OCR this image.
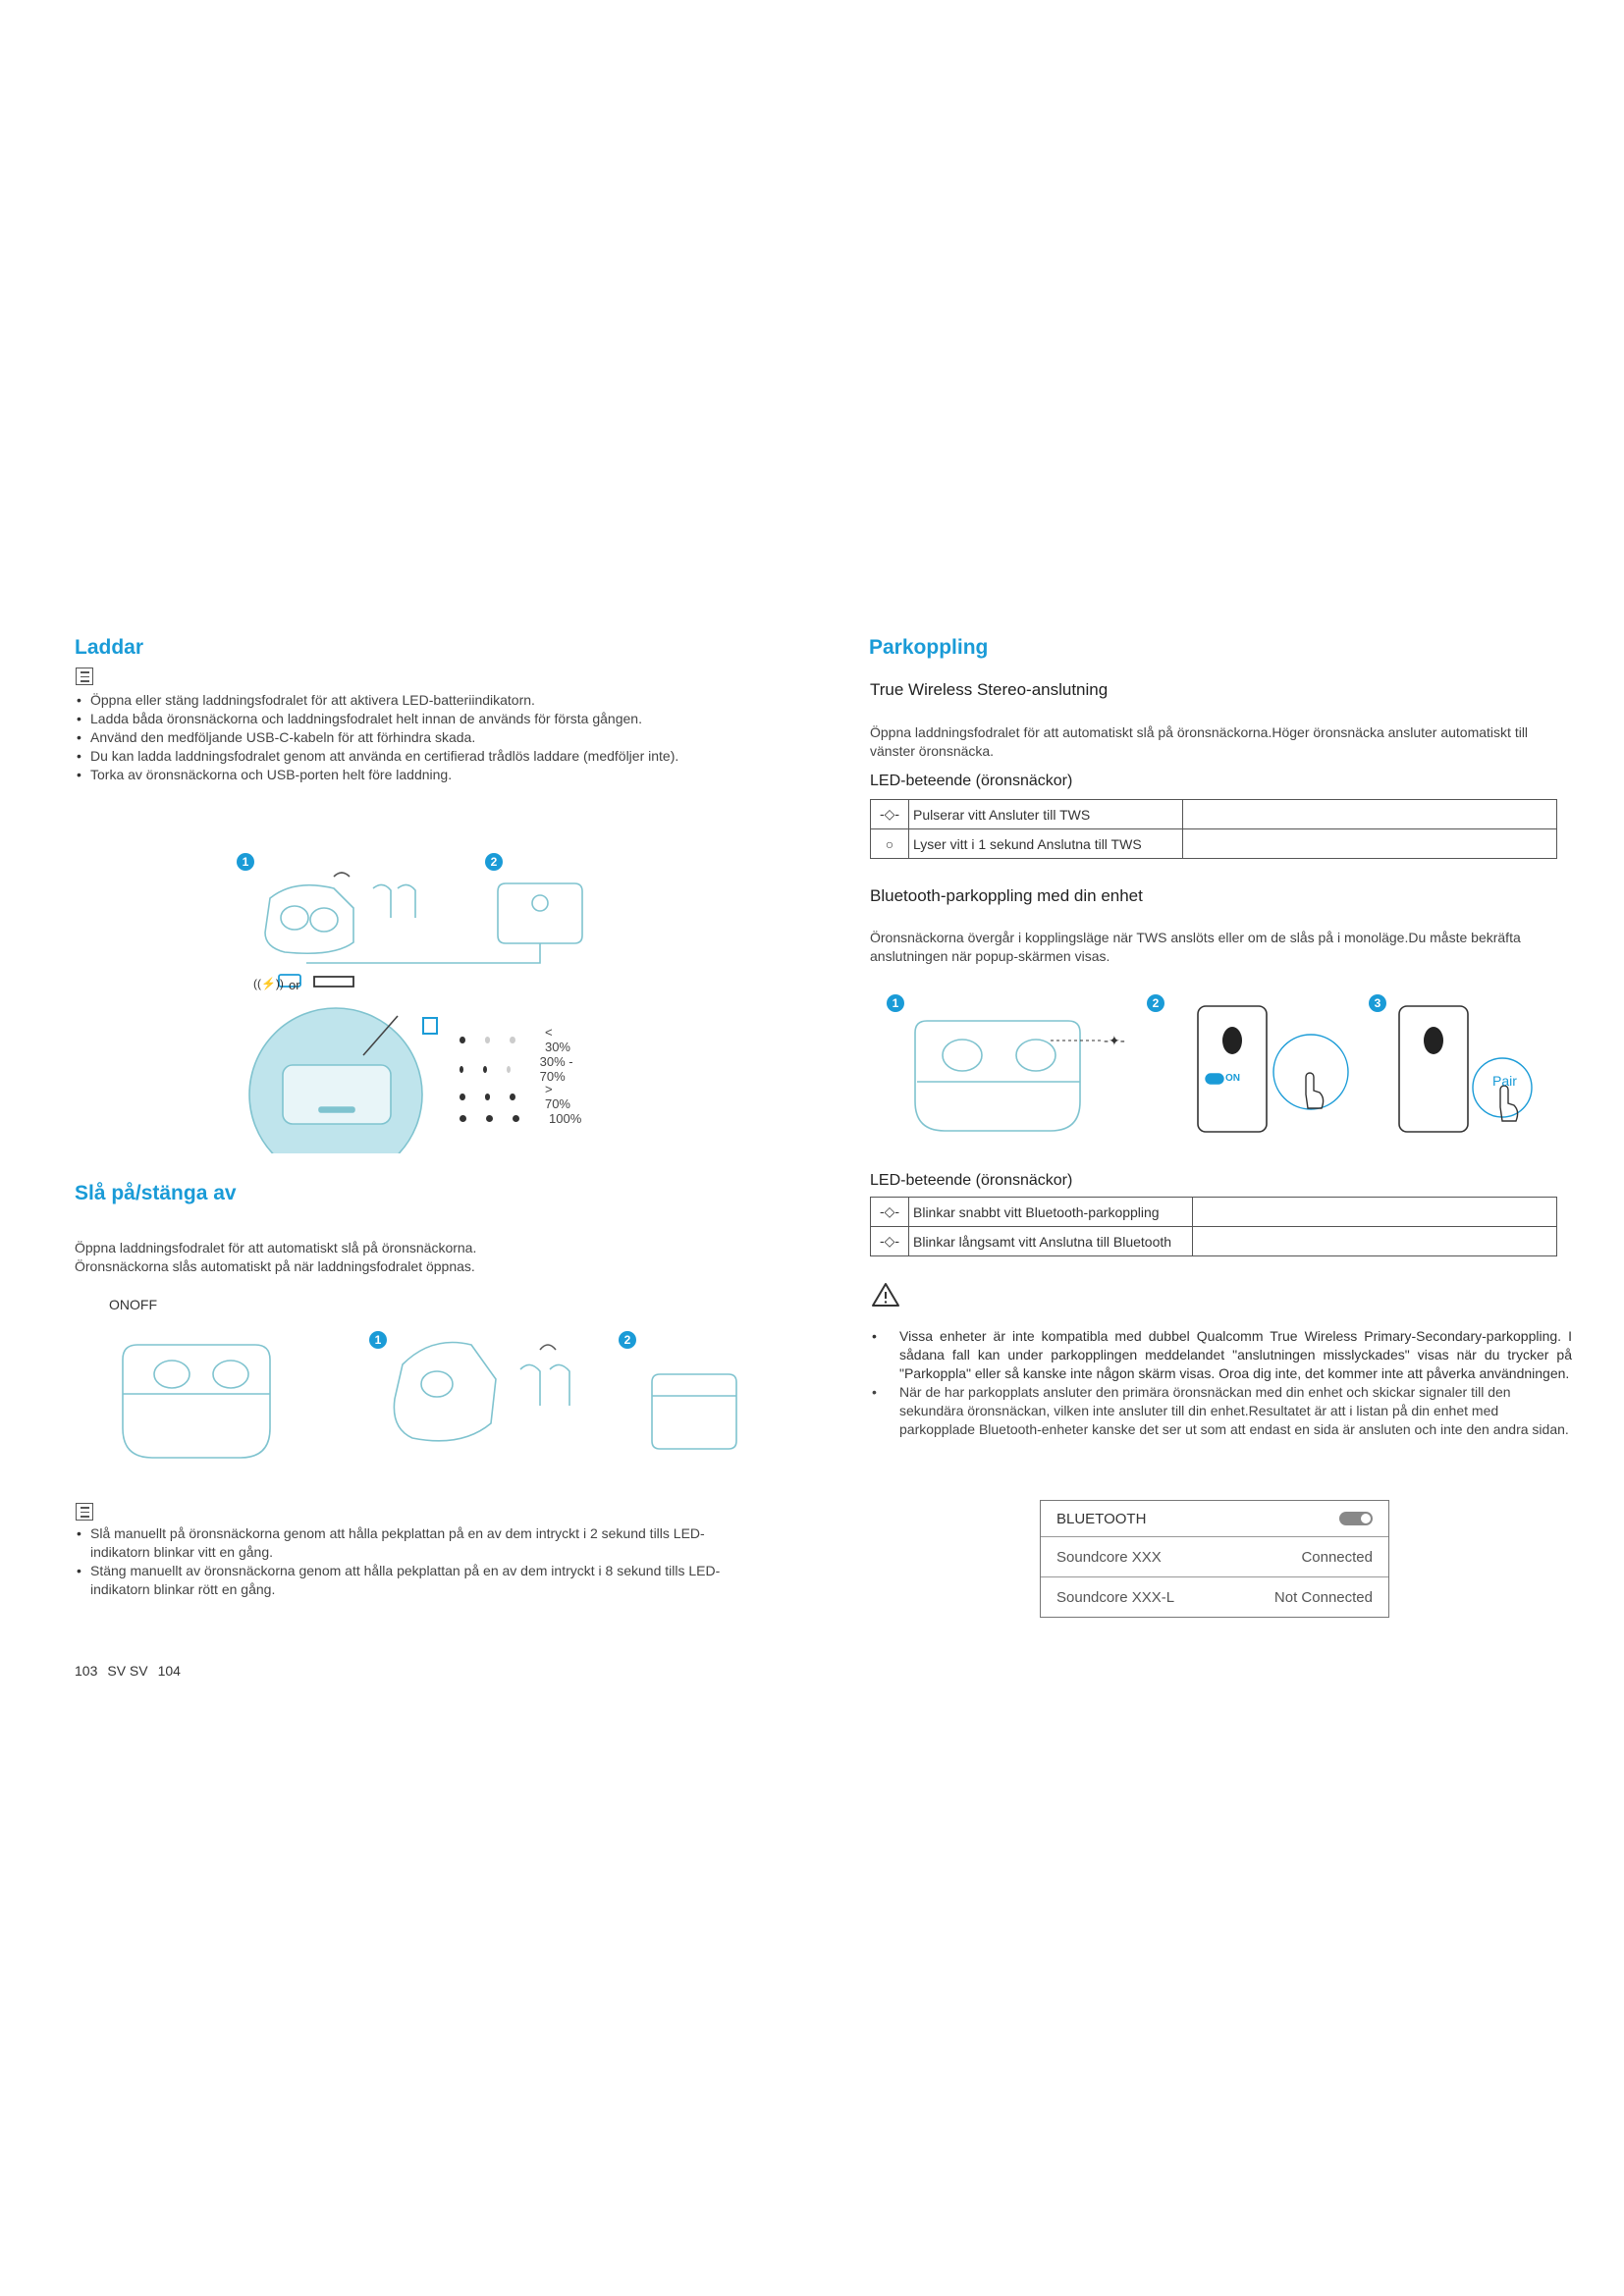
Laddar
• Öppna eller stäng laddningsfodralet för att aktivera LED-batteriindikatorn.
• Ladda båda öronsnäckorna och laddningsfodralet helt innan de används för första gången.
• Använd den medföljande USB-C-kabeln för att förhindra skada.
• Du kan ladda laddningsfodralet genom att använda en certifierad trådlös laddare (medföljer inte).
• Torka av öronsnäckorna och USB-porten helt före laddning.
1	2
((⚡)) or
< 30%
30% - 70%
> 70%
100%
Slå på/stänga av
Öppna laddningsfodralet för att automatiskt slå på öronsnäckorna.
Öronsnäckorna slås automatiskt på när laddningsfodralet öppnas.
ONOFF
1	2
• Slå manuellt på öronsnäckorna genom att hålla pekplattan på en av dem intryckt i 2 sekund tills LED-indikatorn blinkar vitt en gång.
• Stäng manuellt av öronsnäckorna genom att hålla pekplattan på en av dem intryckt i 8 sekund tills LED-indikatorn blinkar rött en gång.
103 SV SV 104
Parkoppling
True Wireless Stereo-anslutning
Öppna laddningsfodralet för att automatiskt slå på öronsnäckorna.Höger öronsnäcka ansluter automatiskt till vänster öronsnäcka.
LED-beteende (öronsnäckor)
-◇-	Pulserar vitt Ansluter till TWS	
○	Lyser vitt i 1 sekund Anslutna till TWS	
Bluetooth-parkoppling med din enhet
Öronsnäckorna övergår i kopplingsläge när TWS anslöts eller om de slås på i monoläge.Du måste bekräfta anslutningen när popup-skärmen visas.
1	2	3
-✦-
ON	Pair
LED-beteende (öronsnäckor)
-◇-	Blinkar snabbt vitt Bluetooth-parkoppling	
-◇-	Blinkar långsamt vitt Anslutna till Bluetooth	
• Vissa enheter är inte kompatibla med dubbel Qualcomm True Wireless Primary-Secondary-parkoppling. I sådana fall kan under parkopplingen meddelandet "anslutningen misslyckades" visas när du trycker på "Parkoppla" eller så kanske inte någon skärm visas. Oroa dig inte, det kommer inte att påverka användningen.
• När de har parkopplats ansluter den primära öronsnäckan med din enhet och skickar signaler till den sekundära öronsnäckan, vilken inte ansluter till din enhet.Resultatet är att i listan på din enhet med parkopplade Bluetooth-enheter kanske det ser ut som att endast en sida är ansluten och inte den andra sidan.
BLUETOOTH
Soundcore XXX	Connected
Soundcore XXX-L	Not Connected
